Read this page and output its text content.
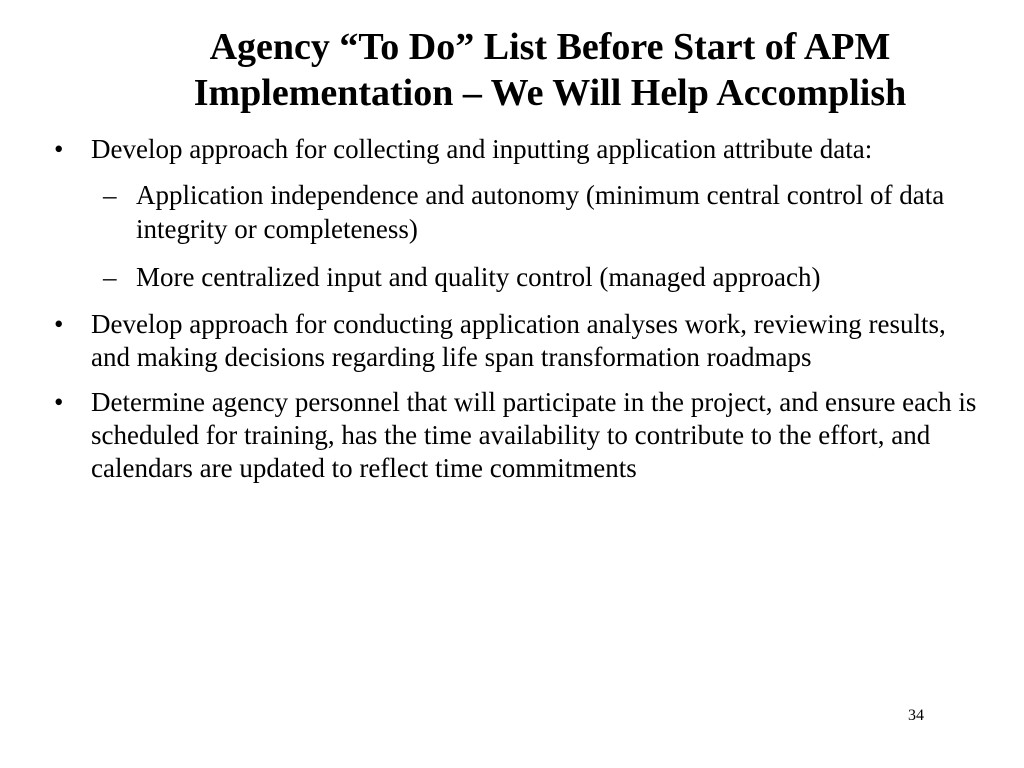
Agency “To Do” List Before Start of APM
Implementation – We Will Help Accomplish
• Develop approach for collecting and inputting application attribute data:
– Application independence and autonomy (minimum central control of data integrity or completeness)
– More centralized input and quality control (managed approach)
• Develop approach for conducting application analyses work, reviewing results, and making decisions regarding life span transformation roadmaps
• Determine agency personnel that will participate in the project, and ensure each is scheduled for training, has the time availability to contribute to the effort, and calendars are updated to reflect time commitments
34
